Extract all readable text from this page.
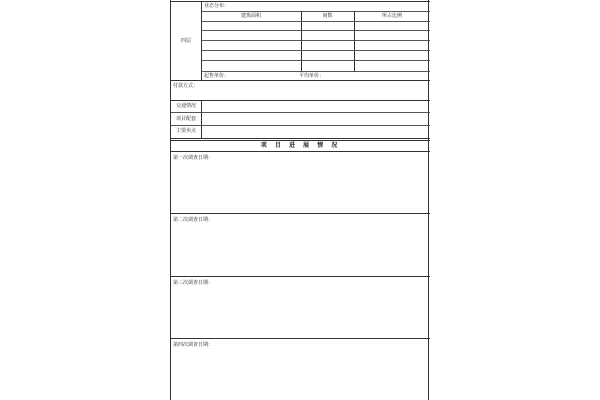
四层
业态分布：
建筑面积	间数	所占比例
起售单价：	平均单价：
付款方式：
交通情况
项目配套
主要卖点
项 目 进 展 情 况
第一次调查日期：
第二次调查日期：
第三次调查日期：
第四次调查日期：
